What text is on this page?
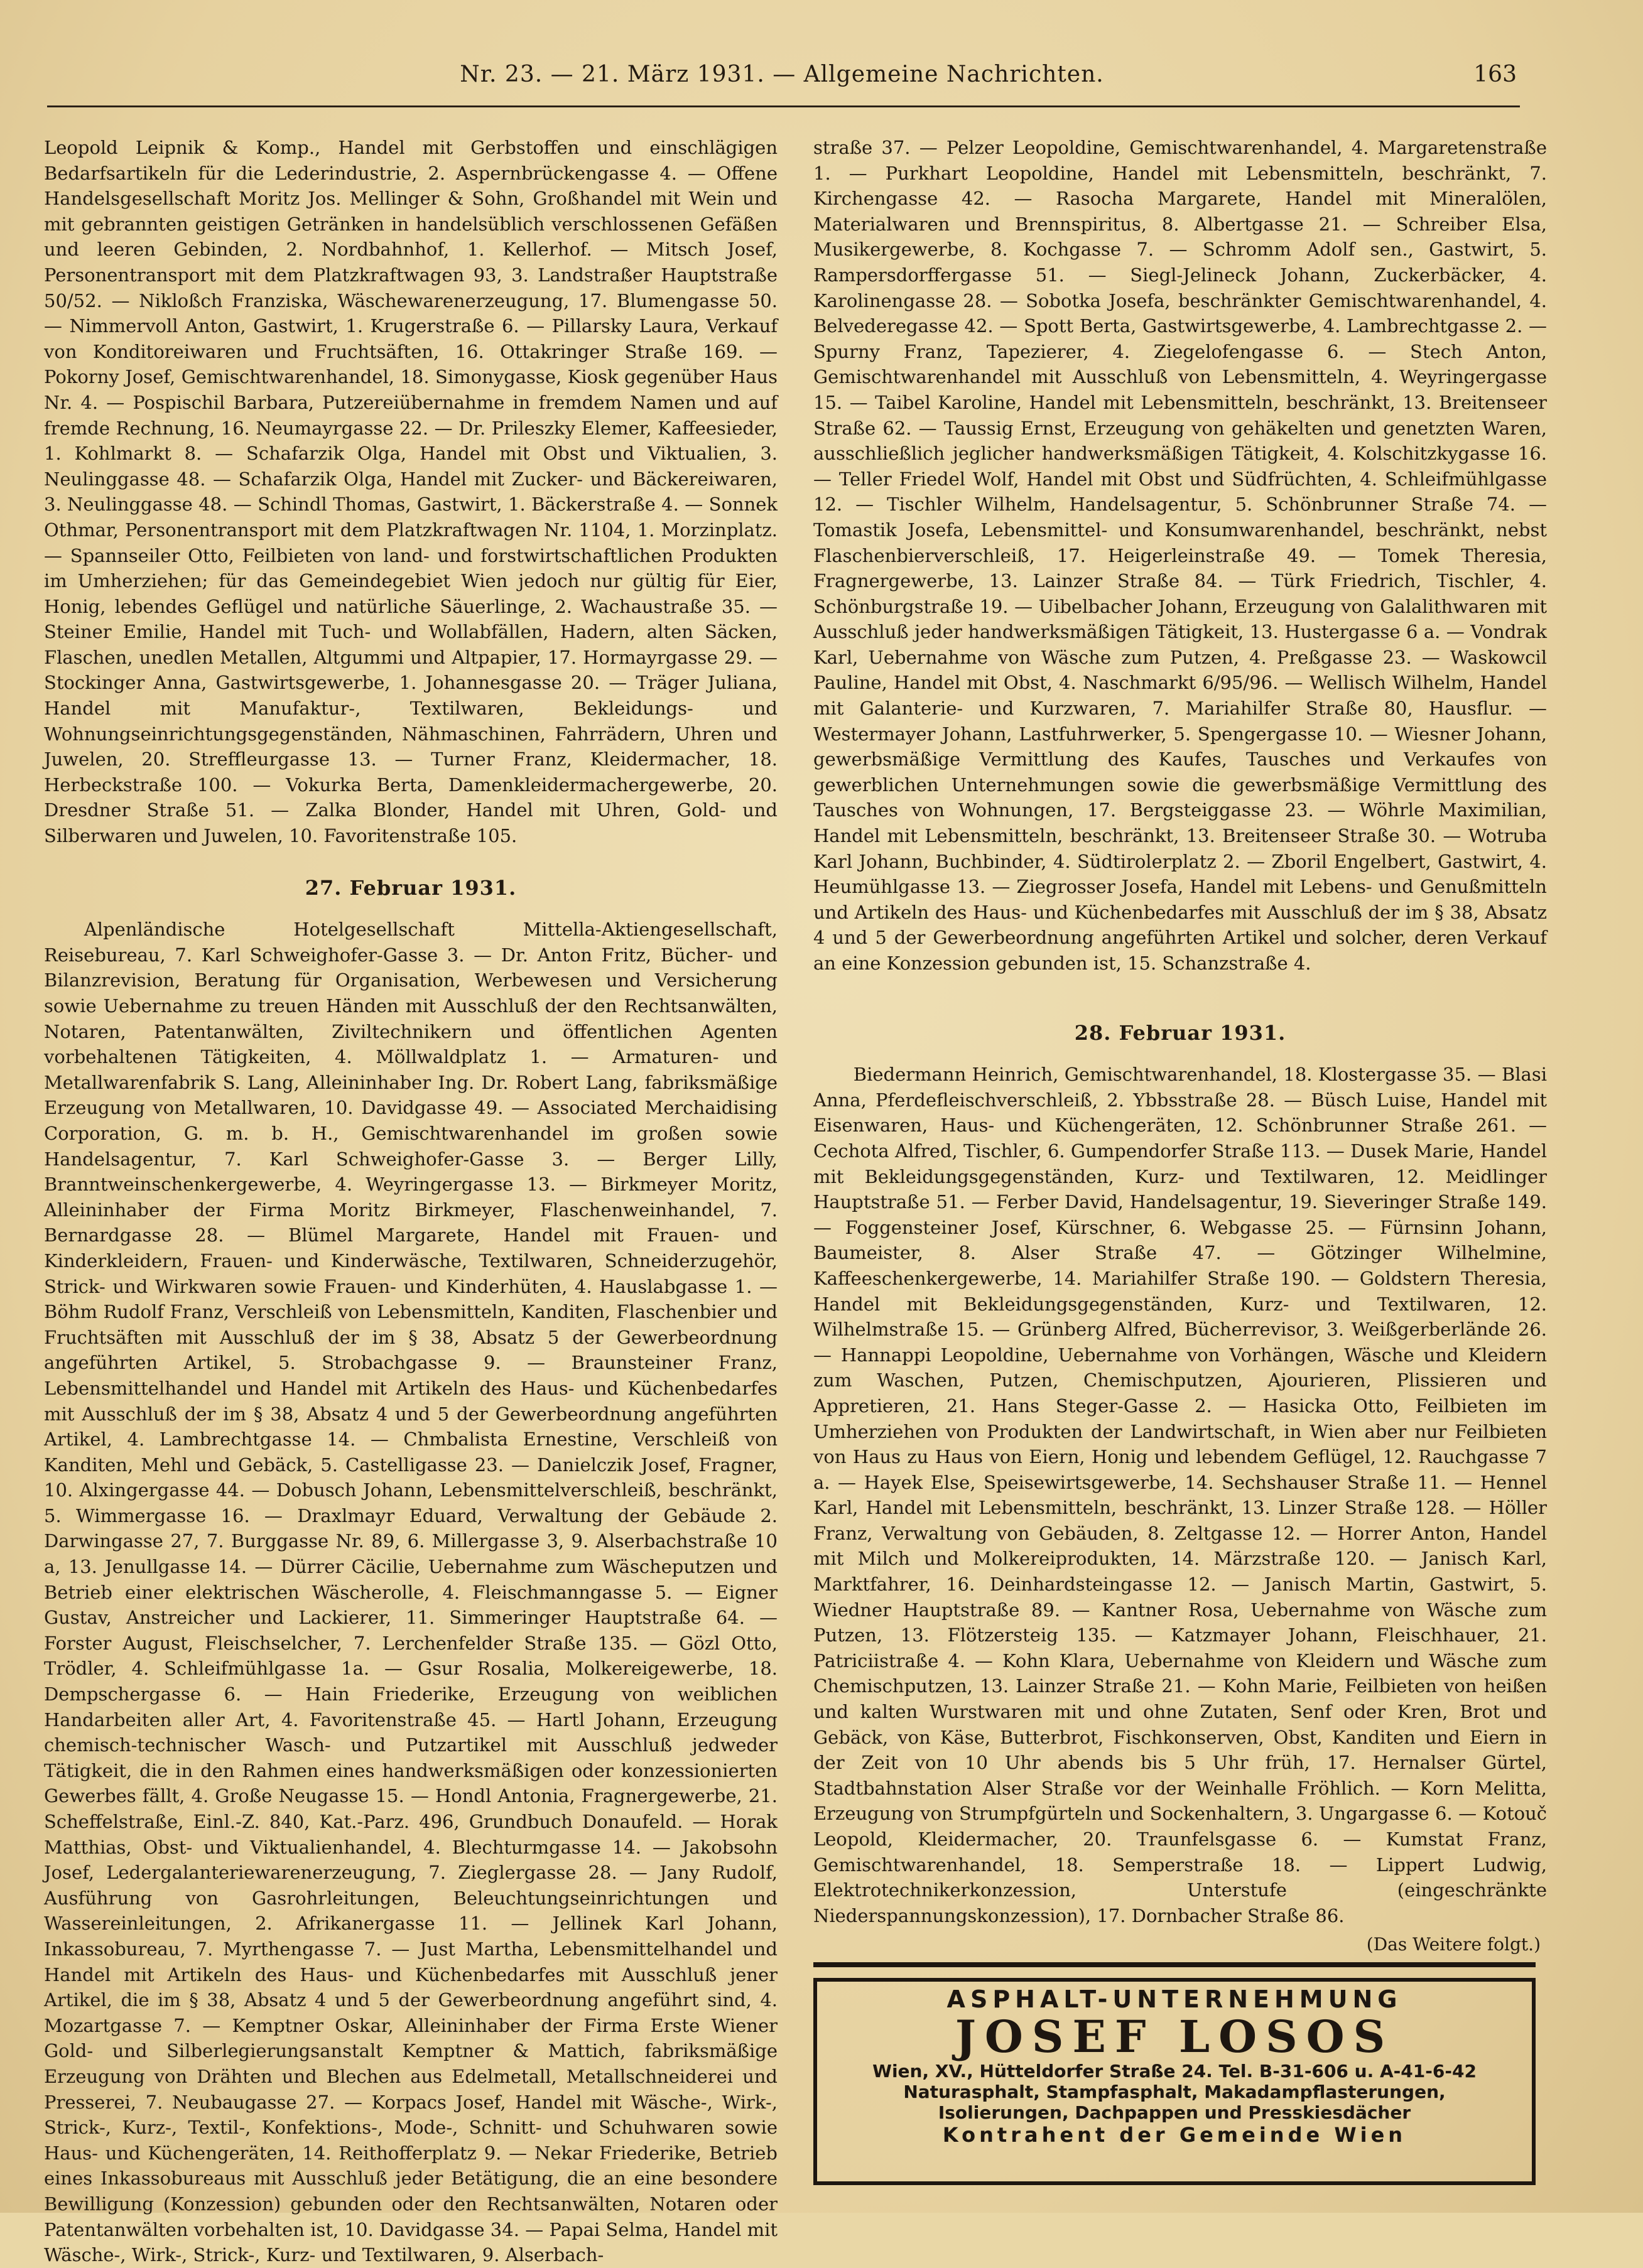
Nr. 23. — 21. März 1931. — Allgemeine Nachrichten.	163

Leopold Leipnik & Komp., Handel mit Gerbstoffen und einschlägigen Bedarfsartikeln für die Lederindustrie, 2. Aspernbrückengasse 4. — Offene Handelsgesellschaft Moritz Jos. Mellinger & Sohn, Großhandel mit Wein und mit gebrannten geistigen Getränken in handelsüblich verschlossenen Gefäßen und leeren Gebinden, 2. Nordbahnhof, 1. Kellerhof. — Mitsch Josef, Personentransport mit dem Platzkraftwagen 93, 3. Landstraßer Hauptstraße 50/52. — Nikloßch Franziska, Wäschewarenerzeugung, 17. Blumengasse 50. — Nimmervoll Anton, Gastwirt, 1. Krugerstraße 6. — Pillarsky Laura, Verkauf von Konditoreiwaren und Fruchtsäften, 16. Ottakringer Straße 169. — Pokorny Josef, Gemischtwarenhandel, 18. Simonygasse, Kiosk gegenüber Haus Nr. 4. — Pospischil Barbara, Putzereiübernahme in fremdem Namen und auf fremde Rechnung, 16. Neumayrgasse 22. — Dr. Prileszky Elemer, Kaffeesieder, 1. Kohlmarkt 8. — Schafarzik Olga, Handel mit Obst und Viktualien, 3. Neulinggasse 48. — Schafarzik Olga, Handel mit Zucker- und Bäckereiwaren, 3. Neulinggasse 48. — Schindl Thomas, Gastwirt, 1. Bäckerstraße 4. — Sonnek Othmar, Personentransport mit dem Platzkraftwagen Nr. 1104, 1. Morzinplatz. — Spannseiler Otto, Feilbieten von land- und forstwirtschaftlichen Produkten im Umherziehen; für das Gemeindegebiet Wien jedoch nur gültig für Eier, Honig, lebendes Geflügel und natürliche Säuerlinge, 2. Wachaustraße 35. — Steiner Emilie, Handel mit Tuch- und Wollabfällen, Hadern, alten Säcken, Flaschen, unedlen Metallen, Altgummi und Altpapier, 17. Hormayrgasse 29. — Stockinger Anna, Gastwirtsgewerbe, 1. Johannesgasse 20. — Träger Juliana, Handel mit Manufaktur-, Textilwaren, Bekleidungs- und Wohnungseinrichtungsgegenständen, Nähmaschinen, Fahrrädern, Uhren und Juwelen, 20. Streffleurgasse 13. — Turner Franz, Kleidermacher, 18. Herbeckstraße 100. — Vokurka Berta, Damenkleidermachergewerbe, 20. Dresdner Straße 51. — Zalka Blonder, Handel mit Uhren, Gold- und Silberwaren und Juwelen, 10. Favoritenstraße 105.

27. Februar 1931.

Alpenländische Hotelgesellschaft Mittella-Aktiengesellschaft, Reisebureau, 7. Karl Schweighofer-Gasse 3. — Dr. Anton Fritz, Bücher- und Bilanzrevision, Beratung für Organisation, Werbewesen und Versicherung sowie Uebernahme zu treuen Händen mit Ausschluß der den Rechtsanwälten, Notaren, Patentanwälten, Ziviltechnikern und öffentlichen Agenten vorbehaltenen Tätigkeiten, 4. Möllwaldplatz 1. — Armaturen- und Metallwarenfabrik S. Lang, Alleininhaber Ing. Dr. Robert Lang, fabriksmäßige Erzeugung von Metallwaren, 10. Davidgasse 49. — Associated Merchaidising Corporation, G. m. b. H., Gemischtwarenhandel im großen sowie Handelsagentur, 7. Karl Schweighofer-Gasse 3. — Berger Lilly, Branntweinschenkergewerbe, 4. Weyringergasse 13. — Birkmeyer Moritz, Alleininhaber der Firma Moritz Birkmeyer, Flaschenweinhandel, 7. Bernardgasse 28. — Blümel Margarete, Handel mit Frauen- und Kinderkleidern, Frauen- und Kinderwäsche, Textilwaren, Schneiderzugehör, Strick- und Wirkwaren sowie Frauen- und Kinderhüten, 4. Hauslabgasse 1. — Böhm Rudolf Franz, Verschleiß von Lebensmitteln, Kanditen, Flaschenbier und Fruchtsäften mit Ausschluß der im § 38, Absatz 5 der Gewerbeordnung angeführten Artikel, 5. Strobachgasse 9. — Braunsteiner Franz, Lebensmittelhandel und Handel mit Artikeln des Haus- und Küchenbedarfes mit Ausschluß der im § 38, Absatz 4 und 5 der Gewerbeordnung angeführten Artikel, 4. Lambrechtgasse 14. — Chmbalista Ernestine, Verschleiß von Kanditen, Mehl und Gebäck, 5. Castelligasse 23. — Danielczik Josef, Fragner, 10. Alxingergasse 44. — Dobusch Johann, Lebensmittelverschleiß, beschränkt, 5. Wimmergasse 16. — Draxlmayr Eduard, Verwaltung der Gebäude 2. Darwingasse 27, 7. Burggasse Nr. 89, 6. Millergasse 3, 9. Alserbachstraße 10 a, 13. Jenullgasse 14. — Dürrer Cäcilie, Uebernahme zum Wäscheputzen und Betrieb einer elektrischen Wäscherolle, 4. Fleischmanngasse 5. — Eigner Gustav, Anstreicher und Lackierer, 11. Simmeringer Hauptstraße 64. — Forster August, Fleischselcher, 7. Lerchenfelder Straße 135. — Gözl Otto, Trödler, 4. Schleifmühlgasse 1a. — Gsur Rosalia, Molkereigewerbe, 18. Dempschergasse 6. — Hain Friederike, Erzeugung von weiblichen Handarbeiten aller Art, 4. Favoritenstraße 45. — Hartl Johann, Erzeugung chemisch-technischer Wasch- und Putzartikel mit Ausschluß jedweder Tätigkeit, die in den Rahmen eines handwerksmäßigen oder konzessionierten Gewerbes fällt, 4. Große Neugasse 15. — Hondl Antonia, Fragnergewerbe, 21. Scheffelstraße, Einl.-Z. 840, Kat.-Parz. 496, Grundbuch Donaufeld. — Horak Matthias, Obst- und Viktualienhandel, 4. Blechturmgasse 14. — Jakobsohn Josef, Ledergalanteriewarenerzeugung, 7. Zieglergasse 28. — Jany Rudolf, Ausführung von Gasrohrleitungen, Beleuchtungseinrichtungen und Wassereinleitungen, 2. Afrikanergasse 11. — Jellinek Karl Johann, Inkassobureau, 7. Myrthengasse 7. — Just Martha, Lebensmittelhandel und Handel mit Artikeln des Haus- und Küchenbedarfes mit Ausschluß jener Artikel, die im § 38, Absatz 4 und 5 der Gewerbeordnung angeführt sind, 4. Mozartgasse 7. — Kemptner Oskar, Alleininhaber der Firma Erste Wiener Gold- und Silberlegierungsanstalt Kemptner & Mattich, fabriksmäßige Erzeugung von Drähten und Blechen aus Edelmetall, Metallschneiderei und Presserei, 7. Neubaugasse 27. — Korpacs Josef, Handel mit Wäsche-, Wirk-, Strick-, Kurz-, Textil-, Konfektions-, Mode-, Schnitt- und Schuhwaren sowie Haus- und Küchengeräten, 14. Reithofferplatz 9. — Nekar Friederike, Betrieb eines Inkassobureaus mit Ausschluß jeder Betätigung, die an eine besondere Bewilligung (Konzession) gebunden oder den Rechtsanwälten, Notaren oder Patentanwälten vorbehalten ist, 10. Davidgasse 34. — Papai Selma, Handel mit Wäsche-, Wirk-, Strick-, Kurz- und Textilwaren, 9. Alserbach-

straße 37. — Pelzer Leopoldine, Gemischtwarenhandel, 4. Margaretenstraße 1. — Purkhart Leopoldine, Handel mit Lebensmitteln, beschränkt, 7. Kirchengasse 42. — Rasocha Margarete, Handel mit Mineralölen, Materialwaren und Brennspiritus, 8. Albertgasse 21. — Schreiber Elsa, Musikergewerbe, 8. Kochgasse 7. — Schromm Adolf sen., Gastwirt, 5. Rampersdorffergasse 51. — Siegl-Jelineck Johann, Zuckerbäcker, 4. Karolinengasse 28. — Sobotka Josefa, beschränkter Gemischtwarenhandel, 4. Belvederegasse 42. — Spott Berta, Gastwirtsgewerbe, 4. Lambrechtgasse 2. — Spurny Franz, Tapezierer, 4. Ziegelofengasse 6. — Stech Anton, Gemischtwarenhandel mit Ausschluß von Lebensmitteln, 4. Weyringergasse 15. — Taibel Karoline, Handel mit Lebensmitteln, beschränkt, 13. Breitenseer Straße 62. — Taussig Ernst, Erzeugung von gehäkelten und genetzten Waren, ausschließlich jeglicher handwerksmäßigen Tätigkeit, 4. Kolschitzkygasse 16. — Teller Friedel Wolf, Handel mit Obst und Südfrüchten, 4. Schleifmühlgasse 12. — Tischler Wilhelm, Handelsagentur, 5. Schönbrunner Straße 74. — Tomastik Josefa, Lebensmittel- und Konsumwarenhandel, beschränkt, nebst Flaschenbierverschleiß, 17. Heigerleinstraße 49. — Tomek Theresia, Fragnergewerbe, 13. Lainzer Straße 84. — Türk Friedrich, Tischler, 4. Schönburgstraße 19. — Uibelbacher Johann, Erzeugung von Galalithwaren mit Ausschluß jeder handwerksmäßigen Tätigkeit, 13. Hustergasse 6 a. — Vondrak Karl, Uebernahme von Wäsche zum Putzen, 4. Preßgasse 23. — Waskowcil Pauline, Handel mit Obst, 4. Naschmarkt 6/95/96. — Wellisch Wilhelm, Handel mit Galanterie- und Kurzwaren, 7. Mariahilfer Straße 80, Hausflur. — Westermayer Johann, Lastfuhrwerker, 5. Spengergasse 10. — Wiesner Johann, gewerbsmäßige Vermittlung des Kaufes, Tausches und Verkaufes von gewerblichen Unternehmungen sowie die gewerbsmäßige Vermittlung des Tausches von Wohnungen, 17. Bergsteiggasse 23. — Wöhrle Maximilian, Handel mit Lebensmitteln, beschränkt, 13. Breitenseer Straße 30. — Wotruba Karl Johann, Buchbinder, 4. Südtirolerplatz 2. — Zboril Engelbert, Gastwirt, 4. Heumühlgasse 13. — Ziegrosser Josefa, Handel mit Lebens- und Genußmitteln und Artikeln des Haus- und Küchenbedarfes mit Ausschluß der im § 38, Absatz 4 und 5 der Gewerbeordnung angeführten Artikel und solcher, deren Verkauf an eine Konzession gebunden ist, 15. Schanzstraße 4.

28. Februar 1931.

Biedermann Heinrich, Gemischtwarenhandel, 18. Klostergasse 35. — Blasi Anna, Pferdefleischverschleiß, 2. Ybbsstraße 28. — Büsch Luise, Handel mit Eisenwaren, Haus- und Küchengeräten, 12. Schönbrunner Straße 261. — Cechota Alfred, Tischler, 6. Gumpendorfer Straße 113. — Dusek Marie, Handel mit Bekleidungsgegenständen, Kurz- und Textilwaren, 12. Meidlinger Hauptstraße 51. — Ferber David, Handelsagentur, 19. Sieveringer Straße 149. — Foggensteiner Josef, Kürschner, 6. Webgasse 25. — Fürnsinn Johann, Baumeister, 8. Alser Straße 47. — Götzinger Wilhelmine, Kaffeeschenkergewerbe, 14. Mariahilfer Straße 190. — Goldstern Theresia, Handel mit Bekleidungsgegenständen, Kurz- und Textilwaren, 12. Wilhelmstraße 15. — Grünberg Alfred, Bücherrevisor, 3. Weißgerberlände 26. — Hannappi Leopoldine, Uebernahme von Vorhängen, Wäsche und Kleidern zum Waschen, Putzen, Chemischputzen, Ajourieren, Plissieren und Appretieren, 21. Hans Steger-Gasse 2. — Hasicka Otto, Feilbieten im Umherziehen von Produkten der Landwirtschaft, in Wien aber nur Feilbieten von Haus zu Haus von Eiern, Honig und lebendem Geflügel, 12. Rauchgasse 7 a. — Hayek Else, Speisewirtsgewerbe, 14. Sechshauser Straße 11. — Hennel Karl, Handel mit Lebensmitteln, beschränkt, 13. Linzer Straße 128. — Höller Franz, Verwaltung von Gebäuden, 8. Zeltgasse 12. — Horrer Anton, Handel mit Milch und Molkereiprodukten, 14. Märzstraße 120. — Janisch Karl, Marktfahrer, 16. Deinhardsteingasse 12. — Janisch Martin, Gastwirt, 5. Wiedner Hauptstraße 89. — Kantner Rosa, Uebernahme von Wäsche zum Putzen, 13. Flötzersteig 135. — Katzmayer Johann, Fleischhauer, 21. Patriciistraße 4. — Kohn Klara, Uebernahme von Kleidern und Wäsche zum Chemischputzen, 13. Lainzer Straße 21. — Kohn Marie, Feilbieten von heißen und kalten Wurstwaren mit und ohne Zutaten, Senf oder Kren, Brot und Gebäck, von Käse, Butterbrot, Fischkonserven, Obst, Kanditen und Eiern in der Zeit von 10 Uhr abends bis 5 Uhr früh, 17. Hernalser Gürtel, Stadtbahnstation Alser Straße vor der Weinhalle Fröhlich. — Korn Melitta, Erzeugung von Strumpfgürteln und Sockenhaltern, 3. Ungargasse 6. — Kotouč Leopold, Kleidermacher, 20. Traunfelsgasse 6. — Kumstat Franz, Gemischtwarenhandel, 18. Semperstraße 18. — Lippert Ludwig, Elektrotechnikerkonzession, Unterstufe (eingeschränkte Niederspannungskonzession), 17. Dornbacher Straße 86.

(Das Weitere folgt.)
ASPHALT-UNTERNEHMUNG
JOSEF LOSOS
Wien, XV., Hütteldorfer Straße 24. Tel. B-31-606 u. A-41-6-42
Naturasphalt, Stampfasphalt, Makadampflasterungen,
Isolierungen, Dachpappen und Presskiesdächer
Kontrahent der Gemeinde Wien
